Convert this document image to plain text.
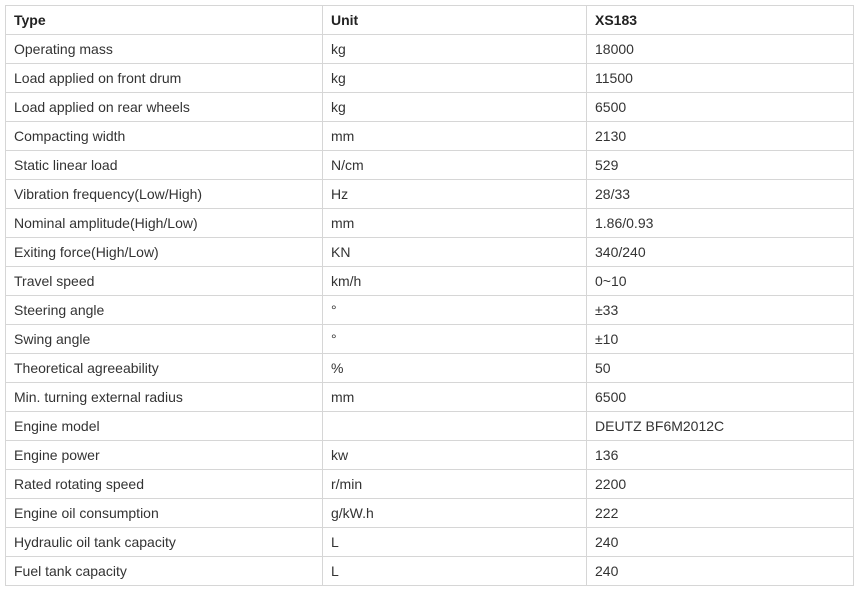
Type	Unit	XS183
Operating mass	kg	18000
Load applied on front drum	kg	11500
Load applied on rear wheels	kg	6500
Compacting width	mm	2130
Static linear load	N/cm	529
Vibration frequency(Low/High)	Hz	28/33
Nominal amplitude(High/Low)	mm	1.86/0.93
Exiting force(High/Low)	KN	340/240
Travel speed	km/h	0~10
Steering angle	°	±33
Swing angle	°	±10
Theoretical agreeability	%	50
Min. turning external radius	mm	6500
Engine model		DEUTZ BF6M2012C
Engine power	kw	136
Rated rotating speed	r/min	2200
Engine oil consumption	g/kW.h	222
Hydraulic oil tank capacity	L	240
Fuel tank capacity	L	240
